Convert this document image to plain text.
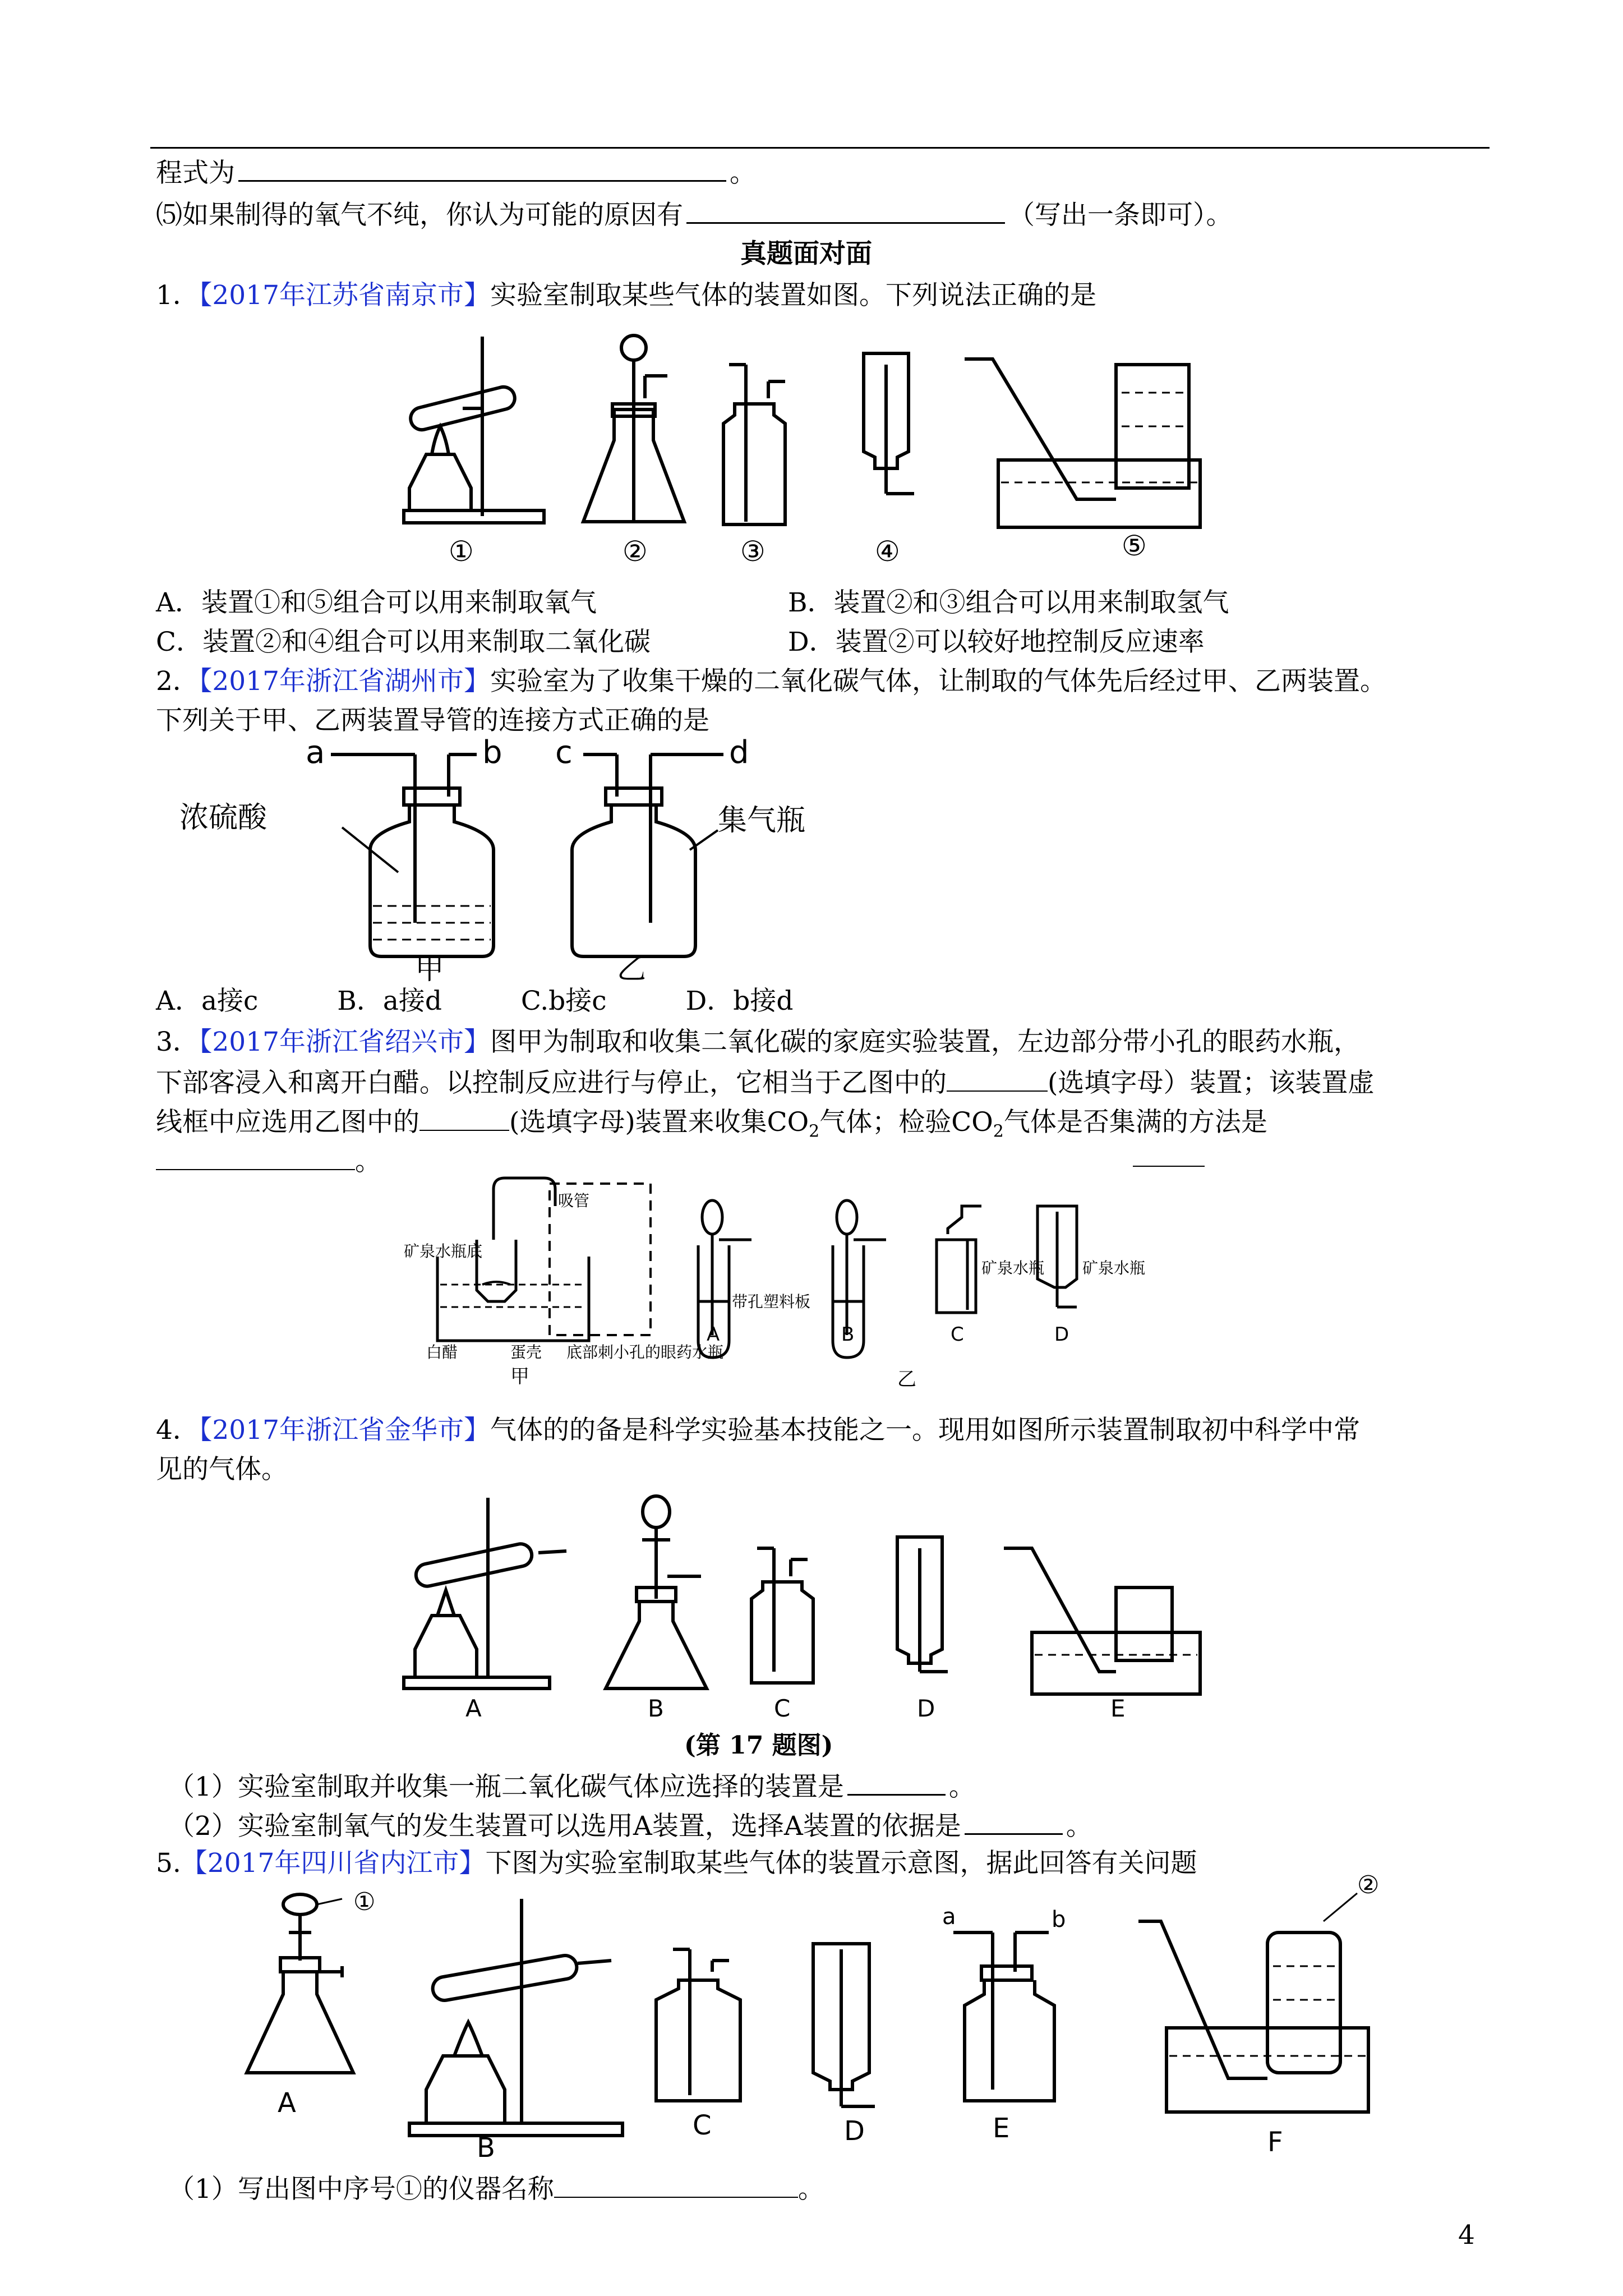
程式为	。
⑸如果制得的氧气不纯，你认为可能的原因有	（写出一条即可）。
真题面对面
1．【2017年江苏省南京市】实验室制取某些气体的装置如图。下列说法正确的是
①	②	③	④	⑤
A．装置①和⑤组合可以用来制取氧气	B．装置②和③组合可以用来制取氢气
C．装置②和④组合可以用来制取二氧化碳	D．装置②可以较好地控制反应速率
2．【2017年浙江省湖州市】实验室为了收集干燥的二氧化碳气体，让制取的气体先后经过甲、乙两装置。
下列关于甲、乙两装置导管的连接方式正确的是
a	b c	d
浓硫酸	集气瓶
甲	乙
A．a接c　　　B．a接d　　　C.b接c　　　D．b接d
3．【2017年浙江省绍兴市】图甲为制取和收集二氧化碳的家庭实验装置，左边部分带小孔的眼药水瓶，
下部客浸入和离开白醋。以控制反应进行与停止，它相当于乙图中的	(选填字母）装置；该装置虚
线框中应选用乙图中的	(选填字母)装置来收集$CO_2$气体；检验$CO_2$气体是否集满的方法是
。
吸管
矿泉水瓶底
白醋	蛋壳 底部刺小孔的眼药水瓶
带孔塑料板
矿泉水瓶 矿泉水瓶
A	B	C	D
甲	乙
4．【2017年浙江省金华市】气体的的备是科学实验基本技能之一。现用如图所示装置制取初中科学中常
见的气体。
A	B	C	D	E
(第 17 题图)
（1）实验室制取并收集一瓶二氧化碳气体应选择的装置是	。
（2）实验室制氧气的发生装置可以选用A装置，选择A装置的依据是	。
5.【2017年四川省内江市】下图为实验室制取某些气体的装置示意图，据此回答有关问题
①
②
a	b
A
B
C	D	E	F
（1）写出图中序号①的仪器名称	。
4
